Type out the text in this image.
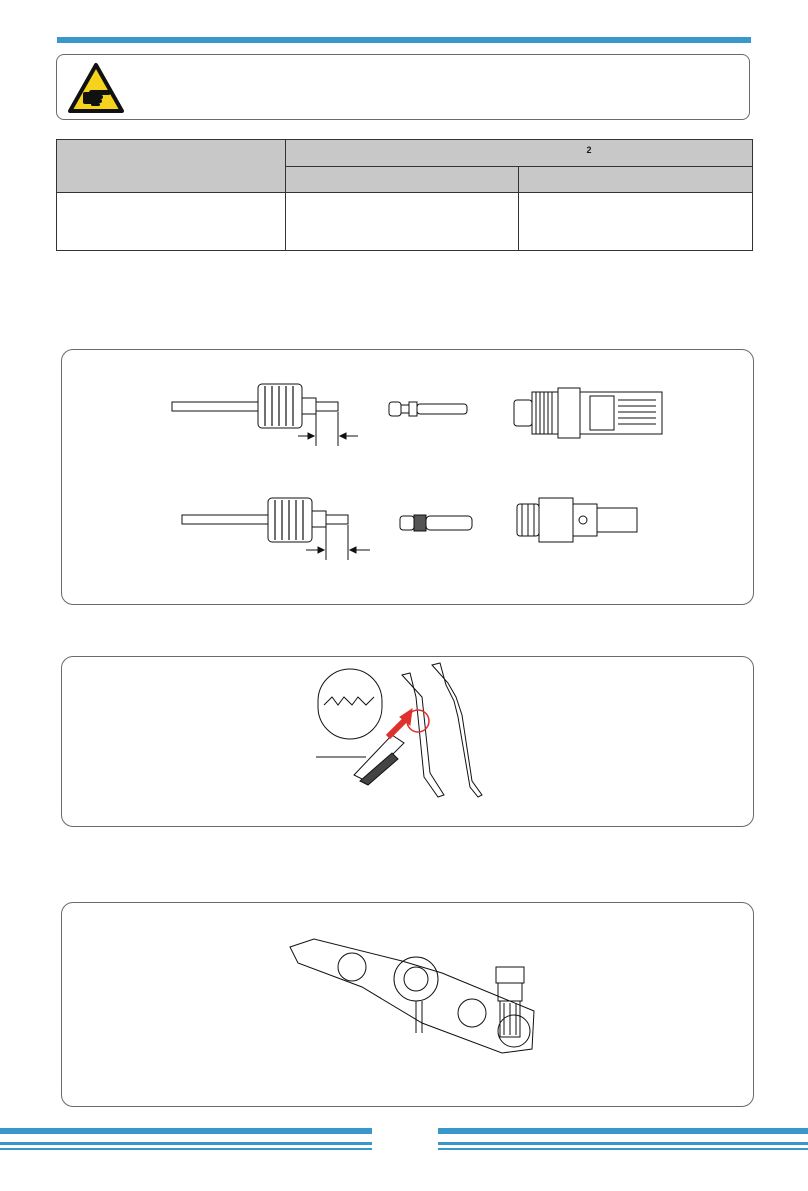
	2
